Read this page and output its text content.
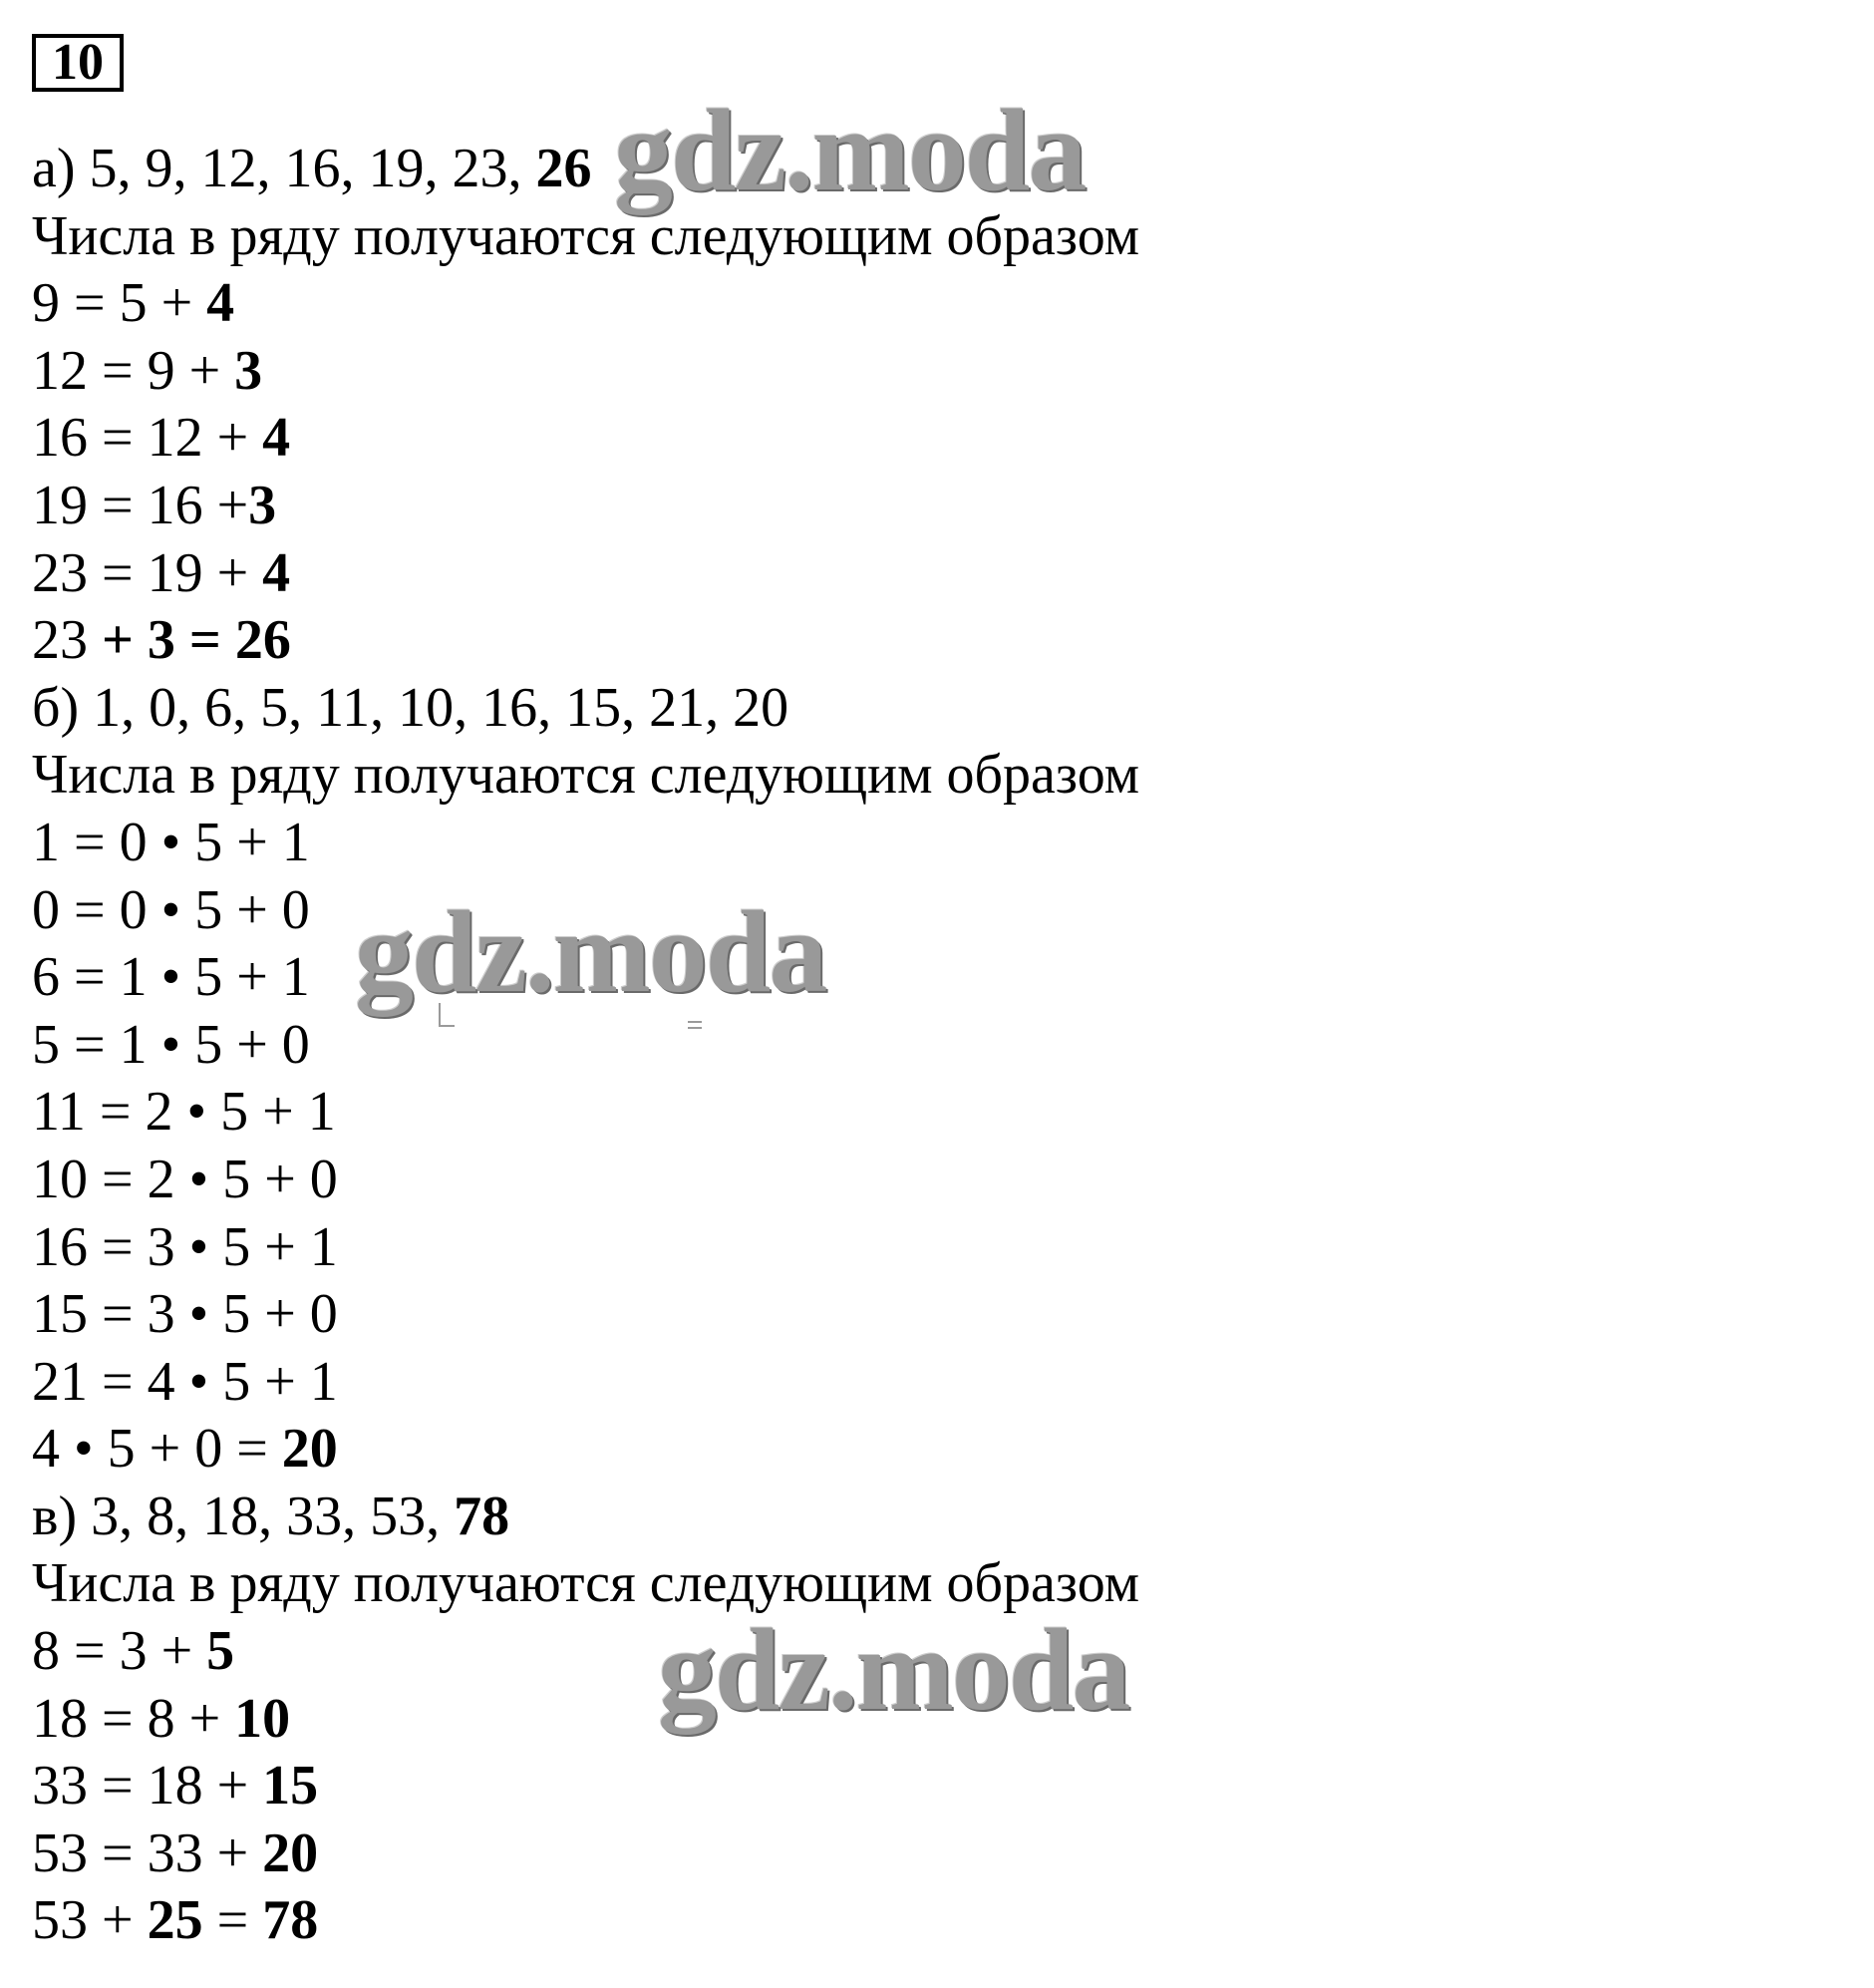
10
а) 5, 9, 12, 16, 19, 23, 26
Числа в ряду получаются следующим образом
9 = 5 + 4
12 = 9 + 3
16 = 12 + 4
19 = 16 +3
23 = 19 + 4
23 + 3 = 26
б) 1, 0, 6, 5, 11, 10, 16, 15, 21, 20
Числа в ряду получаются следующим образом
1 = 0 • 5 + 1
0 = 0 • 5 + 0
6 = 1 • 5 + 1
5 = 1 • 5 + 0
11 = 2 • 5 + 1
10 = 2 • 5 + 0
16 = 3 • 5 + 1
15 = 3 • 5 + 0
21 = 4 • 5 + 1
4 • 5 + 0 = 20
в) 3, 8, 18, 33, 53, 78
Числа в ряду получаются следующим образом
8 = 3 + 5
18 = 8 + 10
33 = 18 + 15
53 = 33 + 20
53 + 25 = 78
gdz.moda
gdz.moda
gdz.moda
